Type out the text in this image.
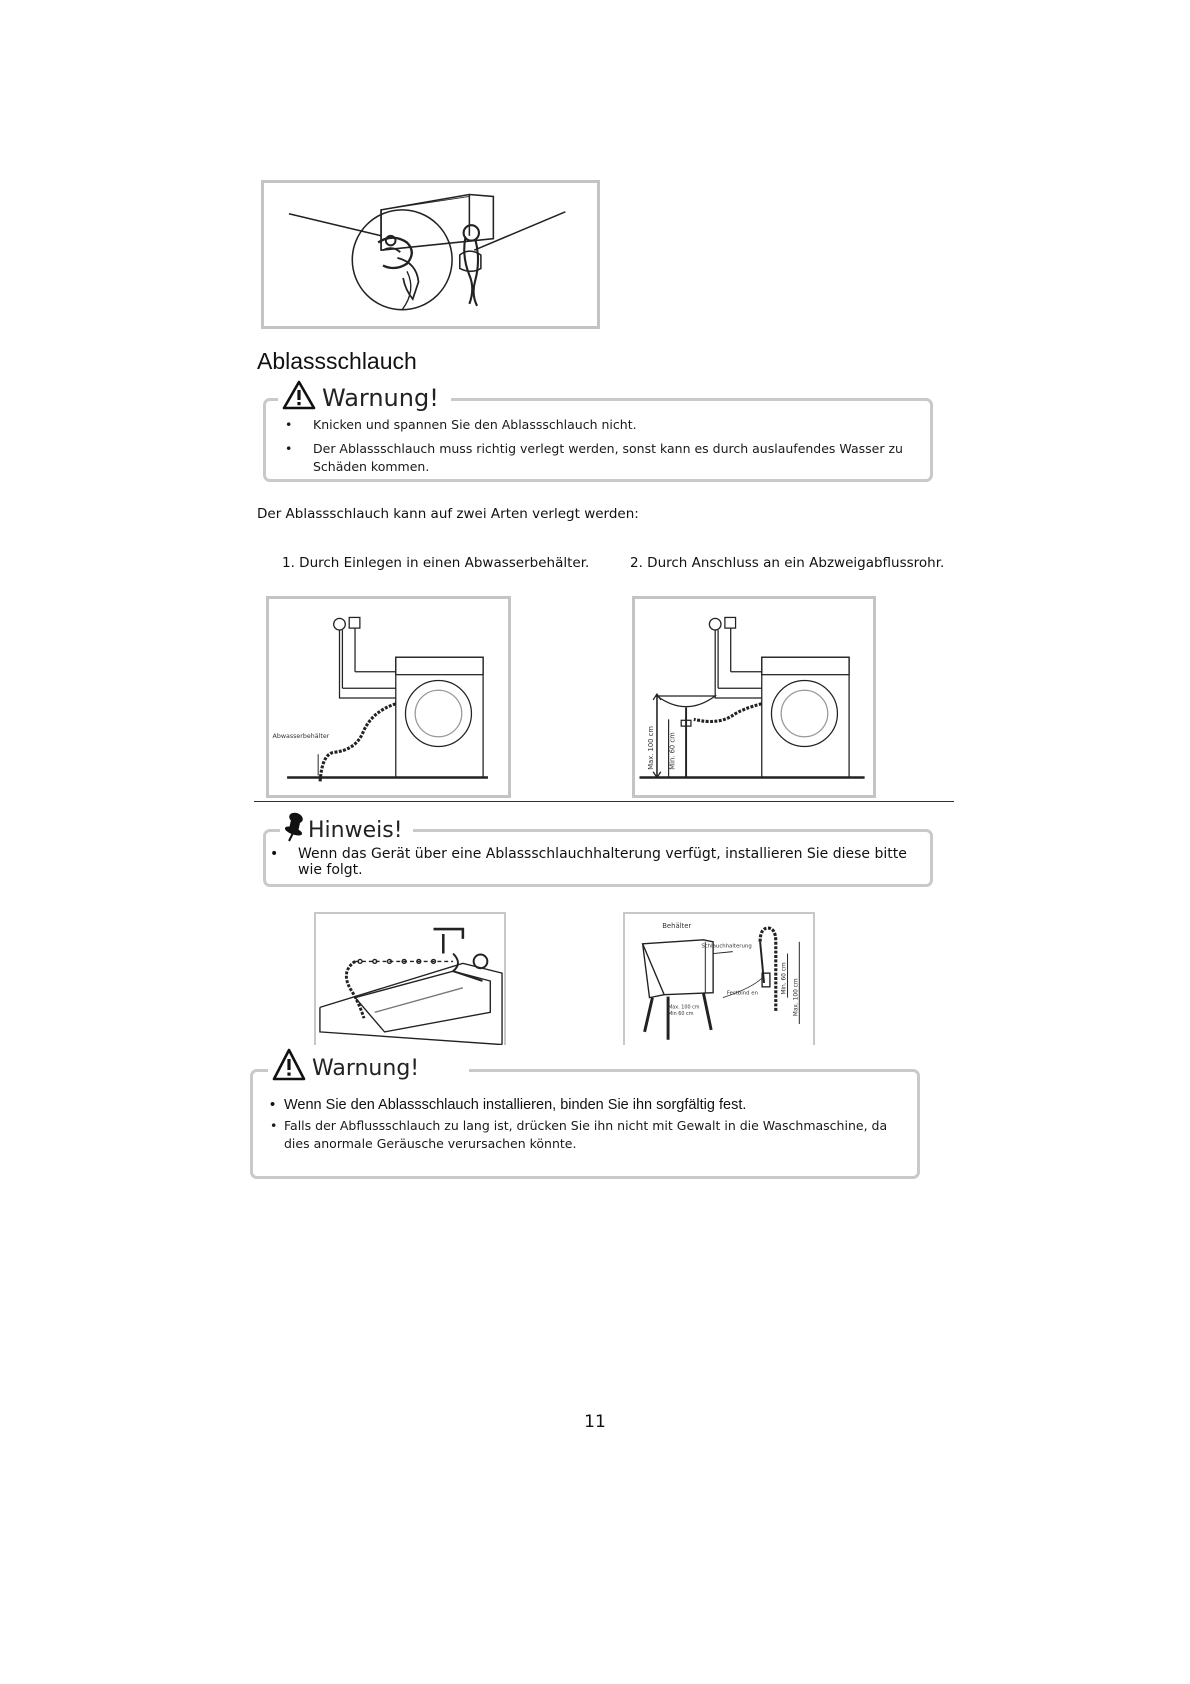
Ablassschlauch
Warnung!
•	Knicken und spannen Sie den Ablassschlauch nicht.
•	Der Ablassschlauch muss richtig verlegt werden, sonst kann es durch auslaufendes Wasser zu Schäden kommen.
Der Ablassschlauch kann auf zwei Arten verlegt werden:
1. Durch Einlegen in einen Abwasserbehälter.	2. Durch Anschluss an ein Abzweigabflussrohr.
Abwasserbehälter	Max. 100 cm Min. 60 cm
Hinweis!
•	Wenn das Gerät über eine Ablassschlauchhalterung verfügt, installieren Sie diese bitte wie folgt.
Behälter
Schlauchhalterung
Festbind en
Max. 100 cm
Min 60 cm
Min. 60 cm Max. 100 cm
Warnung!
• Wenn Sie den Ablassschlauch installieren, binden Sie ihn sorgfältig fest.
• Falls der Abflussschlauch zu lang ist, drücken Sie ihn nicht mit Gewalt in die Waschmaschine, da dies anormale Geräusche verursachen könnte.
11
